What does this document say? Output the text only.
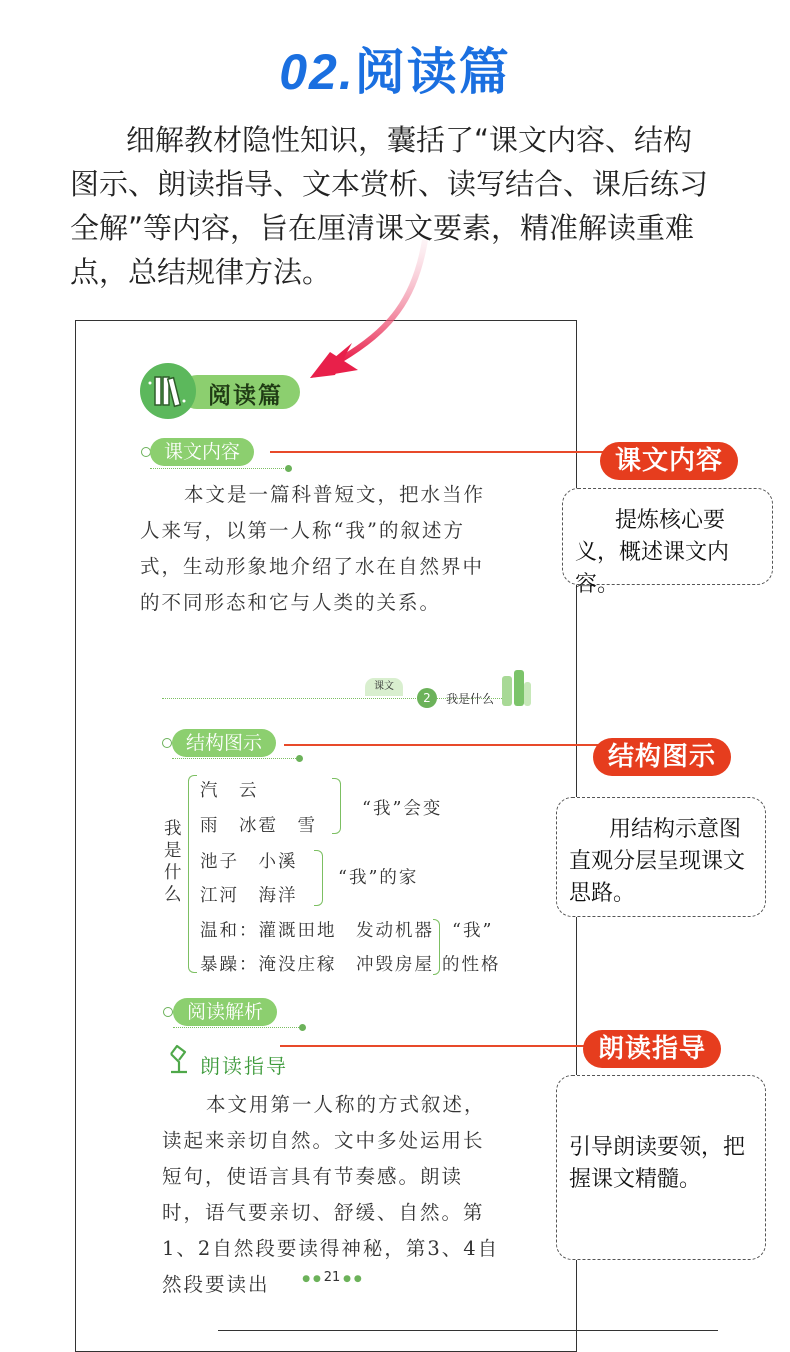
02.阅读篇
细解教材隐性知识，囊括了“课文内容、结构图示、朗读指导、文本赏析、读写结合、课后练习全解”等内容，旨在厘清课文要素，精准解读重难点，总结规律方法。
阅读篇
课文内容
本文是一篇科普短文，把水当作人来写，以第一人称“我”的叙述方式，生动形象地介绍了水在自然界中的不同形态和它与人类的关系。
课文
2	我是什么
结构图示
我是什么
汽　云
雨　冰雹　雪
“我”会变
池子　小溪
江河　海洋
“我”的家
温和：灌溉田地　发动机器
暴躁：淹没庄稼　冲毁房屋
“我”
的性格
阅读解析
朗读指导
本文用第一人称的方式叙述，读起来亲切自然。文中多处运用长短句，使语言具有节奏感。朗读时，语气要亲切、舒缓、自然。第1、2自然段要读得神秘，第3、4自然段要读出	● ● 21 ● ●
课文内容
提炼核心要义，概述课文内容。
结构图示
用结构示意图直观分层呈现课文思路。
朗读指导
引导朗读要领，把握课文精髓。
